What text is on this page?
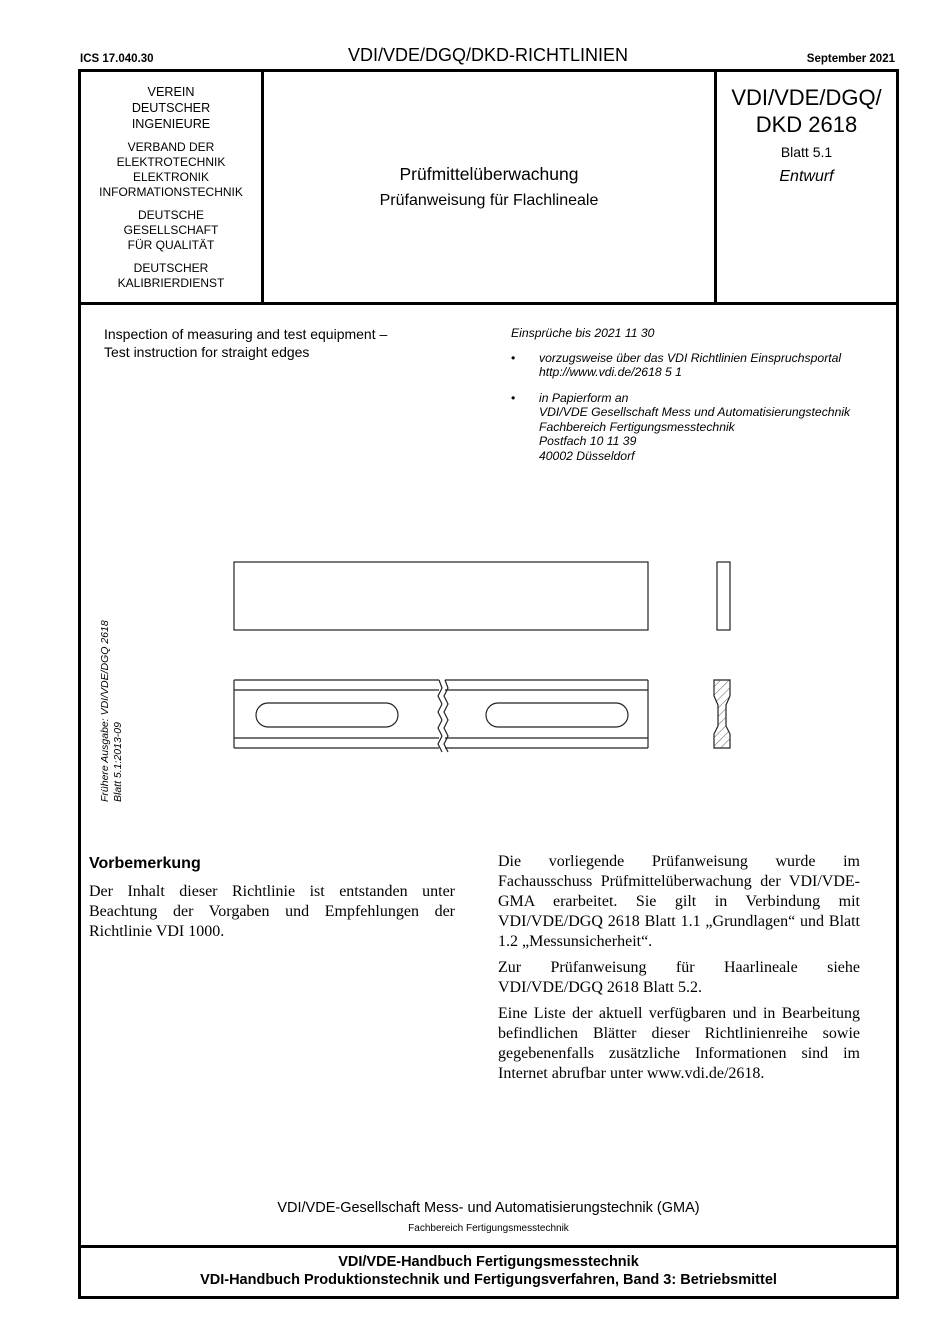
ICS 17.040.30	VDI/VDE/DGQ/DKD-RICHTLINIEN	September 2021
VEREIN
DEUTSCHER
INGENIEURE
VERBAND DER
ELEKTROTECHNIK
ELEKTRONIK
INFORMATIONSTECHNIK
DEUTSCHE
GESELLSCHAFT
FÜR QUALITÄT
DEUTSCHER
KALIBRIERDIENST
Prüfmittelüberwachung
Prüfanweisung für Flachlineale
VDI/VDE/DGQ/
DKD 2618
Blatt 5.1
Entwurf
Inspection of measuring and test equipment –
Test instruction for straight edges
Einsprüche bis 2021 11 30
• vorzugsweise über das VDI Richtlinien Einspruchsportal
http://www.vdi.de/2618 5 1
• in Papierform an
VDI/VDE Gesellschaft Mess und Automatisierungstechnik
Fachbereich Fertigungsmesstechnik
Postfach 10 11 39
40002 Düsseldorf
Frühere Ausgabe: VDI/VDE/DGQ 2618 Blatt 5.1:2013-09
Vorbemerkung
Der Inhalt dieser Richtlinie ist entstanden unter Beachtung der Vorgaben und Empfehlungen der Richtlinie VDI 1000.

Die vorliegende Prüfanweisung wurde im Fachausschuss Prüfmittelüberwachung der VDI/VDE-GMA erarbeitet. Sie gilt in Verbindung mit VDI/VDE/DGQ 2618 Blatt 1.1 „Grundlagen“ und Blatt 1.2 „Messunsicherheit“.

Zur Prüfanweisung für Haarlineale siehe VDI/VDE/DGQ 2618 Blatt 5.2.

Eine Liste der aktuell verfügbaren und in Bearbeitung befindlichen Blätter dieser Richtlinienreihe sowie gegebenenfalls zusätzliche Informationen sind im Internet abrufbar unter www.vdi.de/2618.

VDI/VDE-Gesellschaft Mess- und Automatisierungstechnik (GMA)
Fachbereich Fertigungsmesstechnik
VDI/VDE-Handbuch Fertigungsmesstechnik
VDI-Handbuch Produktionstechnik und Fertigungsverfahren, Band 3: Betriebsmittel
